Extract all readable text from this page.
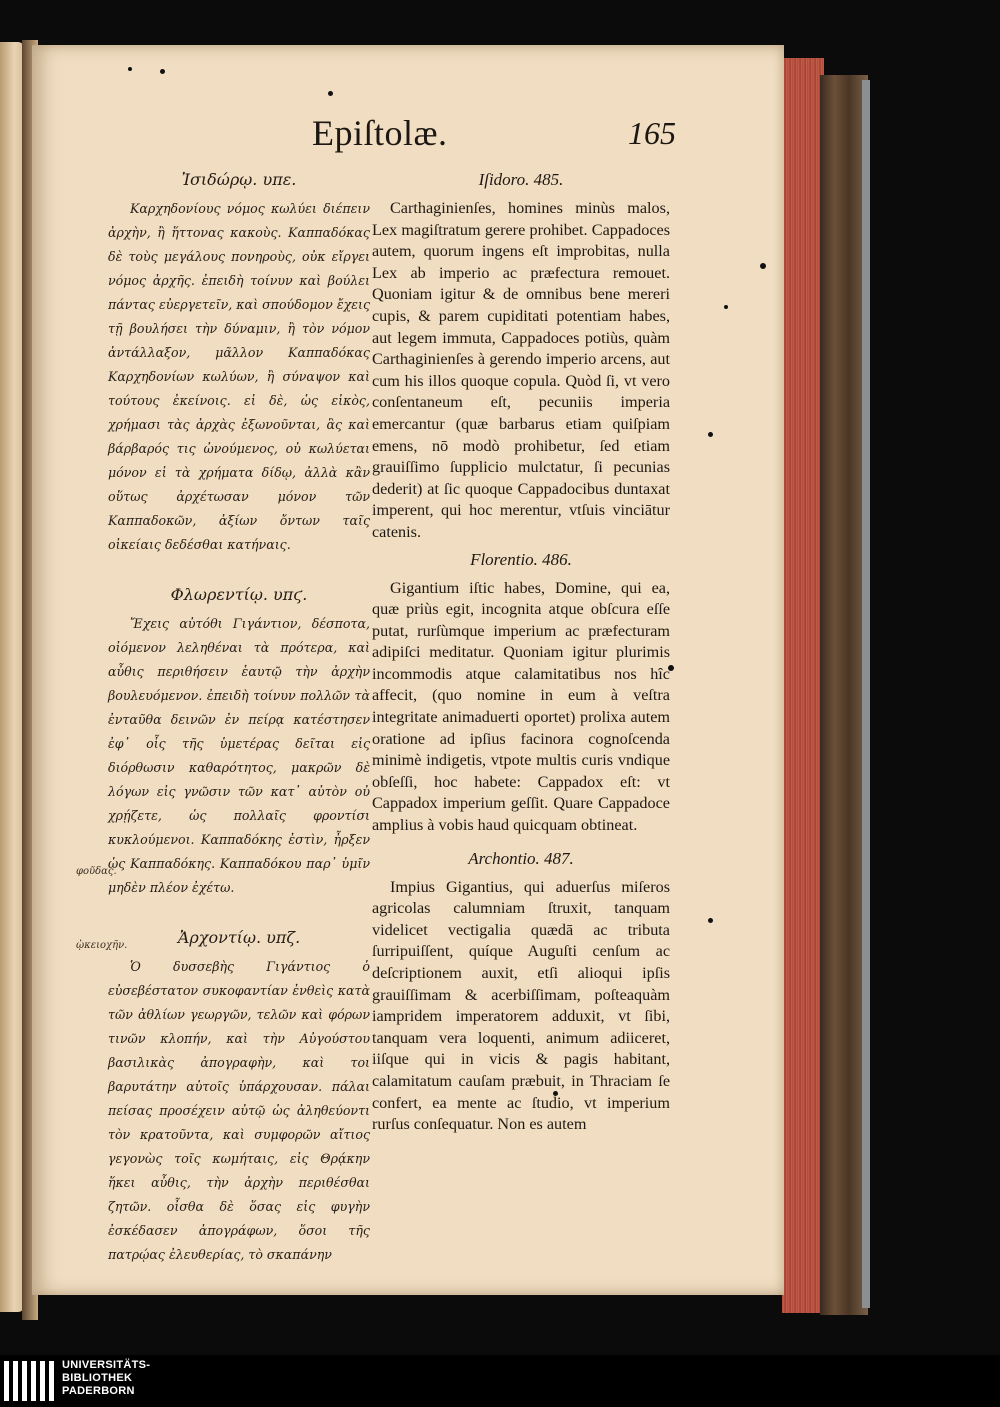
Epiſtolæ.	165
Ἰσιδώρῳ. υπε.

Καρχηδονίους νόμος κωλύει διέπειν ἀρχὴν, ἢ ἥττονας κακοὺς. Καππαδόκας δὲ τοὺς μεγάλους πονηροὺς, οὐκ εἴργει νόμος ἀρχῆς. ἐπειδὴ τοίνυν καὶ βούλει πάντας εὐεργετεῖν, καὶ σπούδομον ἔχεις τῇ βουλήσει τὴν δύναμιν, ἢ τὸν νόμον ἀντάλλαξον, μᾶλλον Καππαδόκας Καρχηδονίων κωλύων, ἢ σύναψον καὶ τούτους ἐκείνοις. εἰ δὲ, ὡς εἰκὸς, χρήμασι τὰς ἀρχὰς ἐξωνοῦνται, ἃς καὶ βάρβαρός τις ὠνούμενος, οὐ κωλύεται μόνον εἰ τὰ χρήματα δίδῳ, ἀλλὰ κἂν οὕτως ἀρχέτωσαν μόνον τῶν Καππαδοκῶν, ἀξίων ὄντων ταῖς οἰκείαις δεδέσθαι κατήναις.

Φλωρεντίῳ. υπϛ.

Ἔχεις αὐτόθι Γιγάντιον, δέσποτα, οἰόμενον λεληθέναι τὰ πρότερα, καὶ αὖθις περιθήσειν ἑαυτῷ τὴν ἀρχὴν βουλευόμενον. ἐπειδὴ τοίνυν πολλῶν τὰ ἐνταῦθα δεινῶν ἐν πείρᾳ κατέστησεν ἐφ᾽ οἷς τῆς ὑμετέρας δεῖται εἰς διόρθωσιν καθαρότητος, μακρῶν δὲ λόγων εἰς γνῶσιν τῶν κατ᾽ αὐτὸν οὐ χρῄζετε, ὡς πολλαῖς φροντίσι κυκλούμενοι. Καππαδόκης ἐστὶν, ἦρξεν ὡς Καππαδόκης. Καππαδόκου παρ᾽ ὑμῖν μηδὲν πλέον ἐχέτω.

Ἀρχοντίῳ. υπζ.

Ὁ δυσσεβὴς Γιγάντιος ὁ εὐσεβέστατον συκοφαντίαν ἐνθεὶς κατὰ τῶν ἀθλίων γεωργῶν, τελῶν καὶ φόρων τινῶν κλοπήν, καὶ τὴν Αὐγούστου βασιλικὰς ἀπογραφὴν, καὶ τοι βαρυτάτην αὐτοῖς ὑπάρχουσαν. πάλαι πείσας προσέχειν αὐτῷ ὡς ἀληθεύοντι τὸν κρατοῦντα, καὶ συμφορῶν αἴτιος γεγονὼς τοῖς κωμήταις, εἰς Θρᾴκην ἥκει αὖθις, τὴν ἀρχὴν περιθέσθαι ζητῶν. οἶσθα δὲ ὅσας εἰς φυγὴν ἐσκέδασεν ἀπογράφων, ὅσοι τῆς πατρῴας ἐλευθερίας, τὸ σκαπάνην

φοῦδας.
ᾠκειοχῆν.
Iſidoro. 485.

Carthaginienſes, homines minùs malos, Lex magiſtratum gerere prohibet. Cappadoces autem, quorum ingens eſt improbitas, nulla Lex ab imperio ac præfectura remouet. Quoniam igitur & de omnibus bene mereri cupis, & parem cupiditati potentiam habes, aut legem immuta, Cappadoces potiùs, quàm Carthaginienſes à gerendo imperio arcens, aut cum his illos quoque copula. Quòd ſi, vt vero conſentaneum eſt, pecuniis imperia emercantur (quæ barbarus etiam quiſpiam emens, nō modò prohibetur, ſed etiam grauiſſimo ſupplicio mulctatur, ſi pecunias dederit) at ſic quoque Cappadocibus duntaxat imperent, qui hoc merentur, vtſuis vinciātur catenis.

Florentio. 486.

Gigantium iſtic habes, Domine, qui ea, quæ priùs egit, incognita atque obſcura eſſe putat, rurſùmque imperium ac præfecturam adipiſci meditatur. Quoniam igitur plurimis incommodis atque calamitatibus nos hîc affecit, (quo nomine in eum à veſtra integritate animaduerti oportet) prolixa autem oratione ad ipſius facinora cognoſcenda minimè indigetis, vtpote multis curis vndique obſeſſi, hoc habete: Cappadox eſt: vt Cappadox imperium geſſit. Quare Cappadoce amplius à vobis haud quicquam obtineat.

Archontio. 487.

Impius Gigantius, qui aduerſus miſeros agricolas calumniam ſtruxit, tanquam videlicet vectigalia quædā ac tributa ſurripuiſſent, quíque Auguſti cenſum ac deſcriptionem auxit, etſi alioqui ipſis grauiſſimam & acerbiſſimam, poſteaquàm iampridem imperatorem adduxit, vt ſibi, tanquam vera loquenti, animum adiiceret, iiſque qui in vicis & pagis habitant, calamitatum cauſam præbuit, in Thraciam ſe confert, ea mente ac ſtudio, vt imperium rurſus conſequatur. Non es autem

UNIVERSITÄTS-
BIBLIOTHEK
PADERBORN
